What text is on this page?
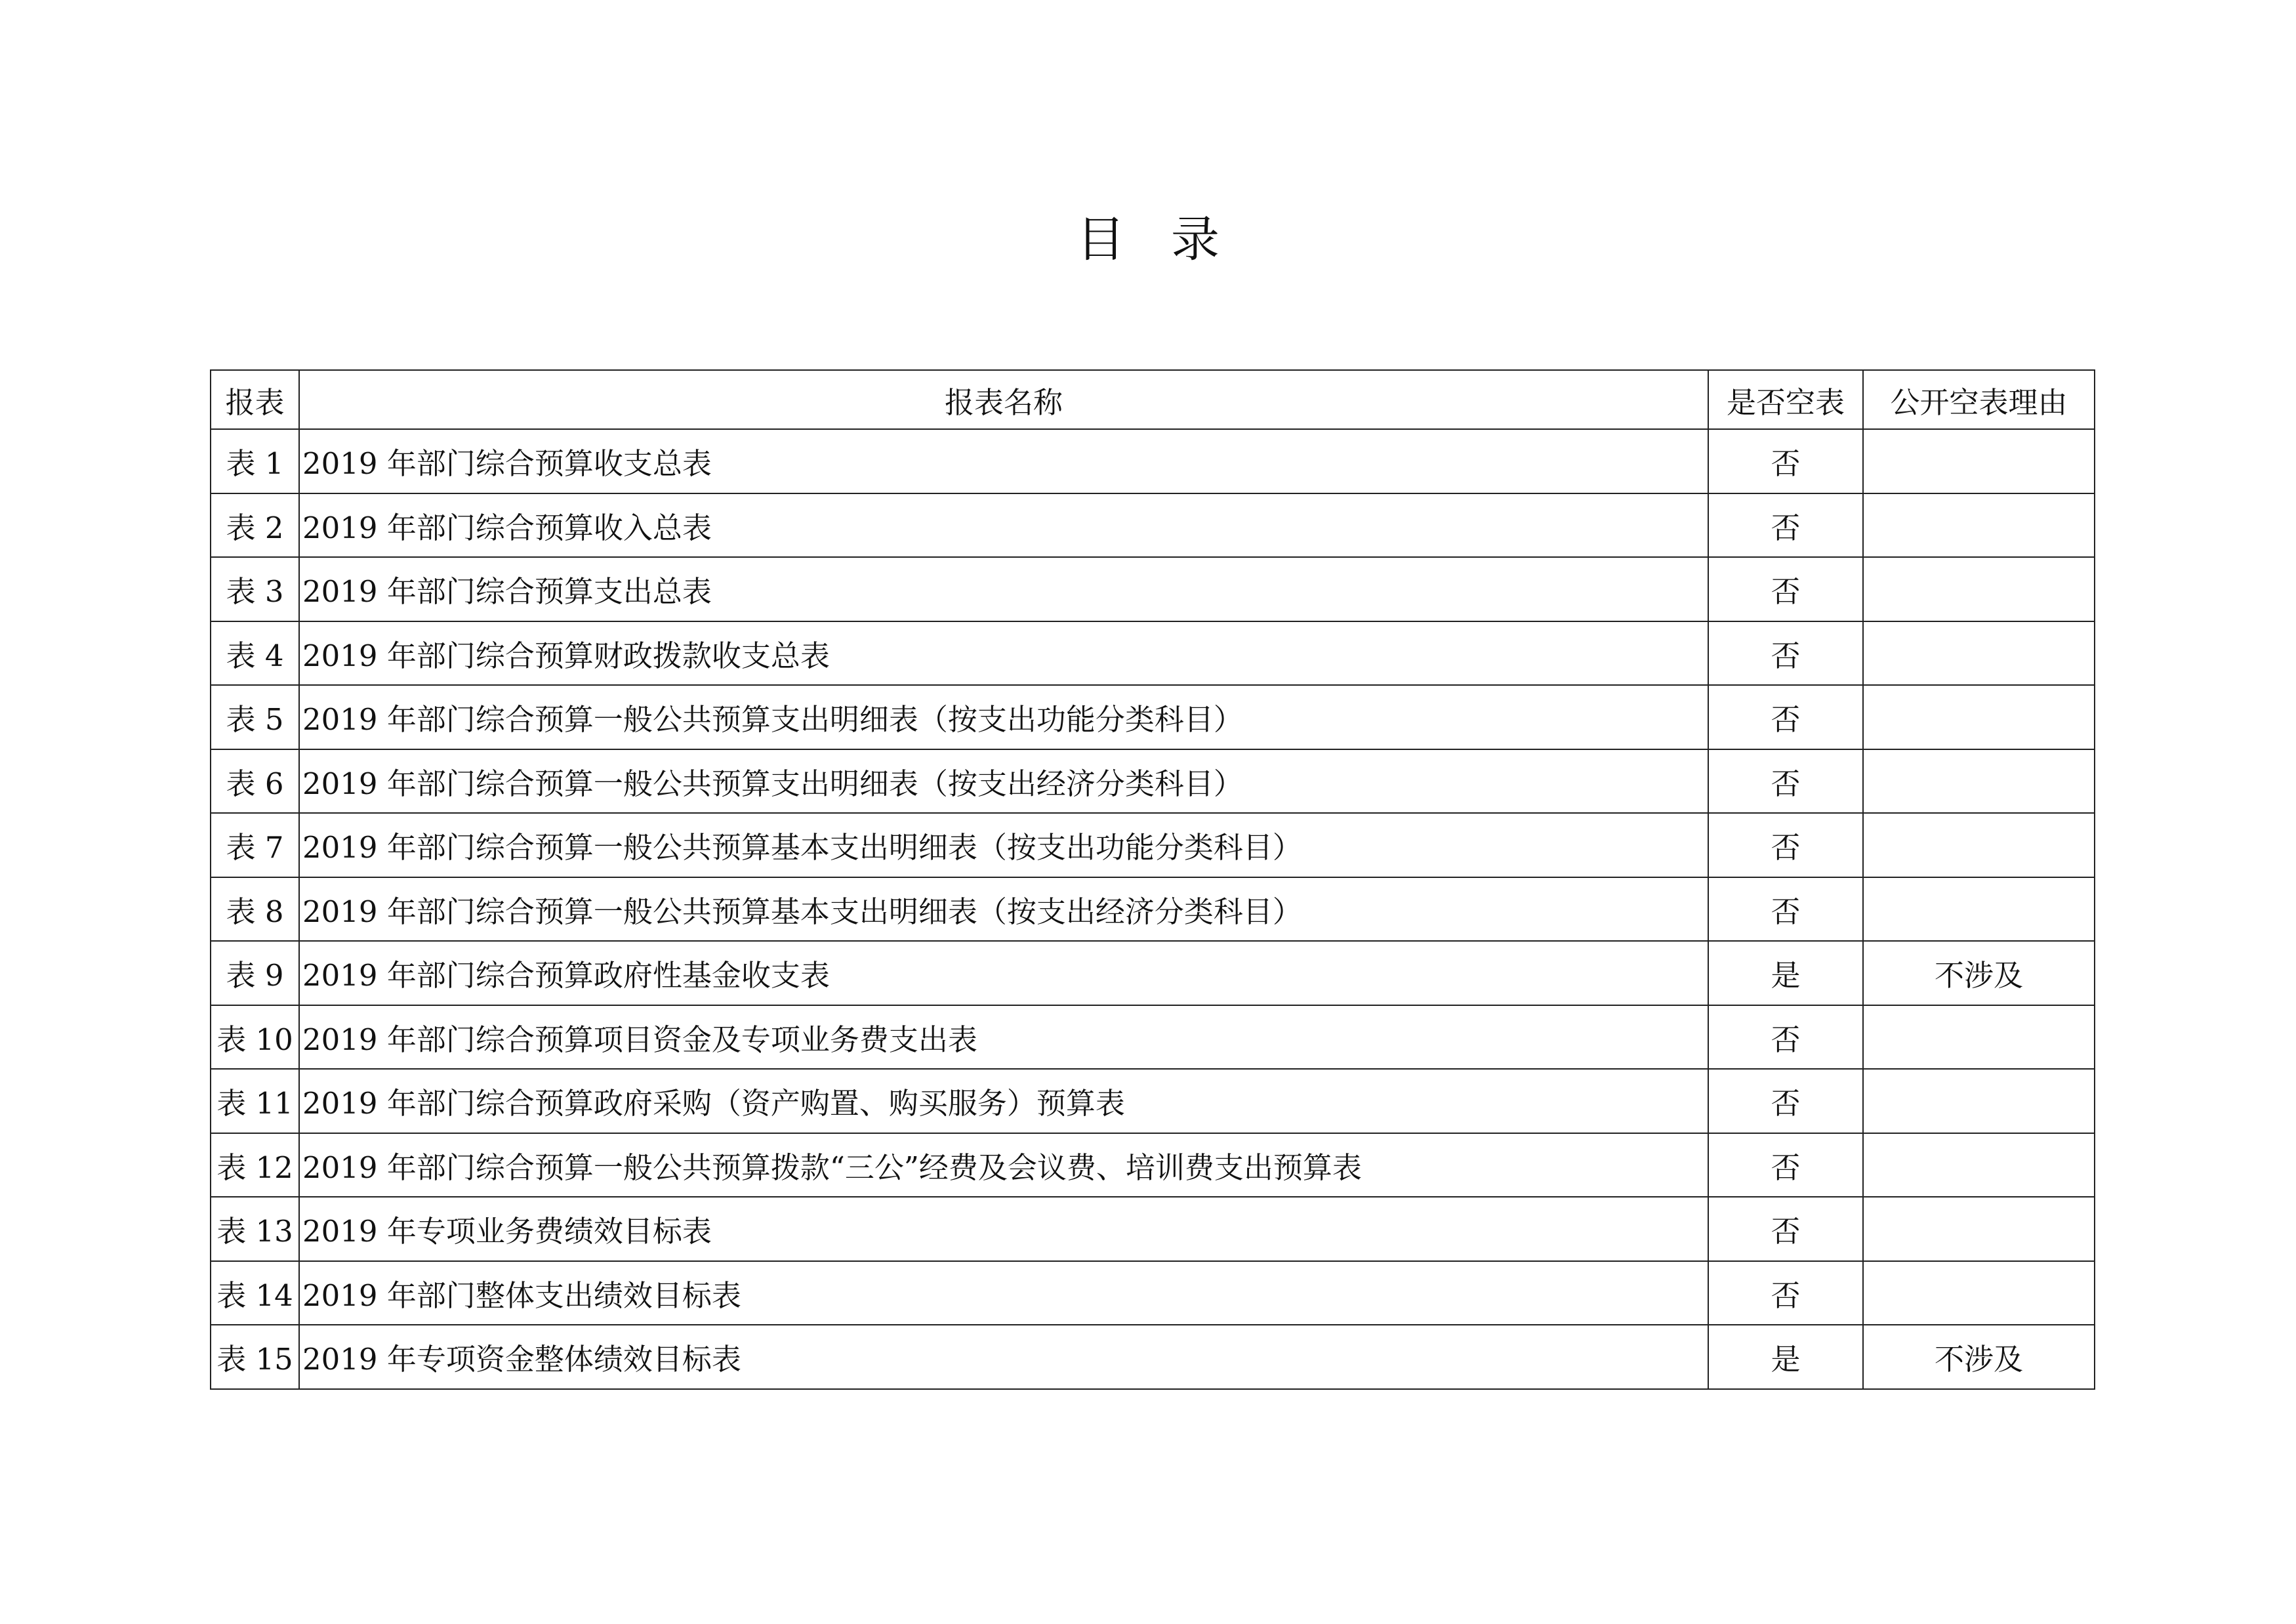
目录
报表	报表名称	是否空表	公开空表理由
表 1	2019 年部门综合预算收支总表	否	
表 2	2019 年部门综合预算收入总表	否	
表 3	2019 年部门综合预算支出总表	否	
表 4	2019 年部门综合预算财政拨款收支总表	否	
表 5	2019 年部门综合预算一般公共预算支出明细表（按支出功能分类科目）	否	
表 6	2019 年部门综合预算一般公共预算支出明细表（按支出经济分类科目）	否	
表 7	2019 年部门综合预算一般公共预算基本支出明细表（按支出功能分类科目）	否	
表 8	2019 年部门综合预算一般公共预算基本支出明细表（按支出经济分类科目）	否	
表 9	2019 年部门综合预算政府性基金收支表	是	不涉及
表 10	2019 年部门综合预算项目资金及专项业务费支出表	否	
表 11	2019 年部门综合预算政府采购（资产购置、购买服务）预算表	否	
表 12	2019 年部门综合预算一般公共预算拨款“三公”经费及会议费、培训费支出预算表	否	
表 13	2019 年专项业务费绩效目标表	否	
表 14	2019 年部门整体支出绩效目标表	否	
表 15	2019 年专项资金整体绩效目标表	是	不涉及
